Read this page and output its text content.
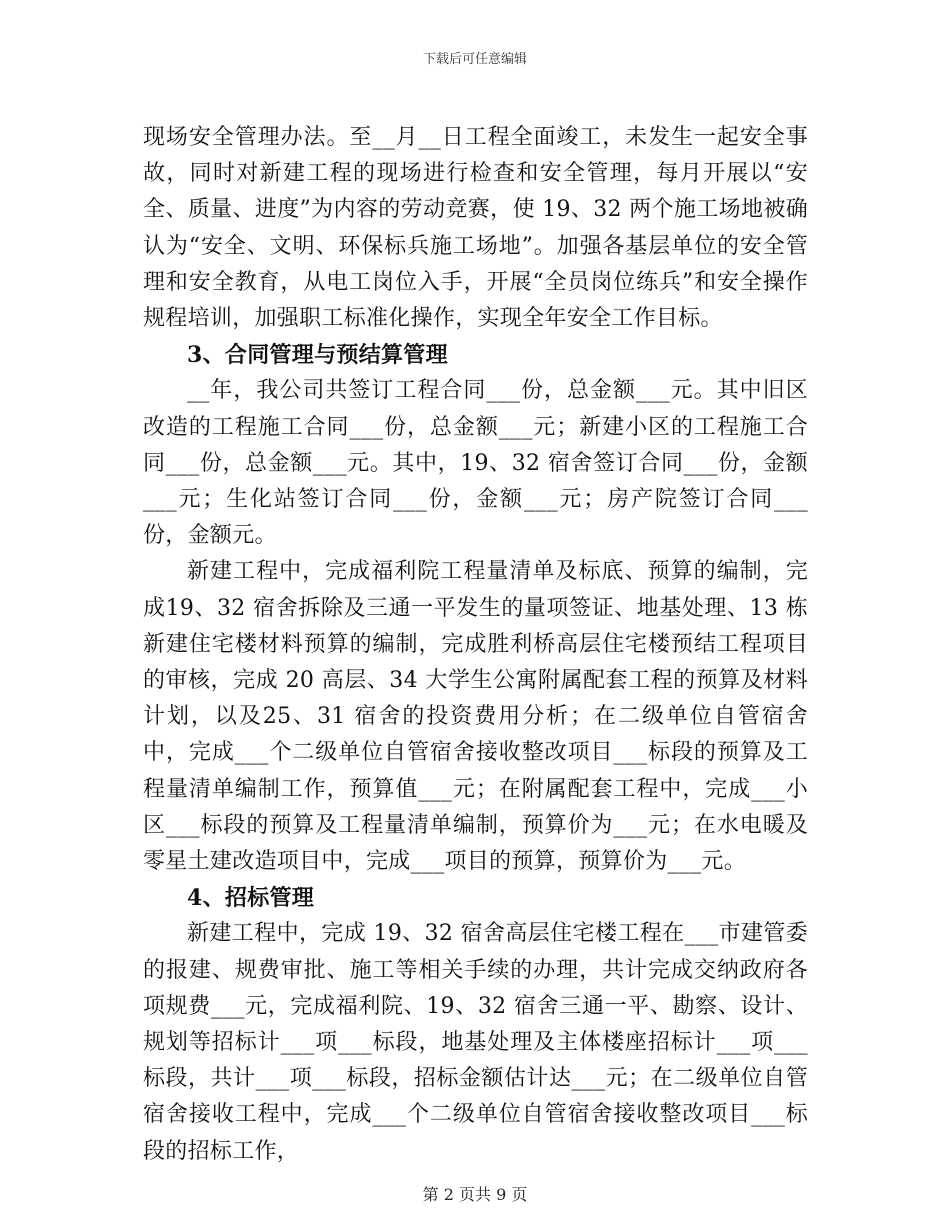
下载后可任意编辑

现场安全管理办法。至__月__日工程全面竣工，未发生一起安全事故，同时对新建工程的现场进行检查和安全管理，每月开展以“安全、质量、进度”为内容的劳动竞赛，使 19、32 两个施工场地被确认为“安全、文明、环保标兵施工场地”。加强各基层单位的安全管理和安全教育，从电工岗位入手，开展“全员岗位练兵”和安全操作规程培训，加强职工标准化操作，实现全年安全工作目标。

3、合同管理与预结算管理

__年，我公司共签订工程合同___份，总金额___元。其中旧区改造的工程施工合同___份，总金额___元；新建小区的工程施工合同___份，总金额___元。其中，19、32 宿舍签订合同___份，金额___元；生化站签订合同___份，金额___元；房产院签订合同___份，金额元。

新建工程中，完成福利院工程量清单及标底、预算的编制，完成19、32 宿舍拆除及三通一平发生的量项签证、地基处理、13 栋新建住宅楼材料预算的编制，完成胜利桥高层住宅楼预结工程项目的审核，完成 20 高层、34 大学生公寓附属配套工程的预算及材料计划，以及25、31 宿舍的投资费用分析；在二级单位自管宿舍中，完成___个二级单位自管宿舍接收整改项目___标段的预算及工程量清单编制工作，预算值___元；在附属配套工程中，完成___小区___标段的预算及工程量清单编制，预算价为___元；在水电暖及零星土建改造项目中，完成___项目的预算，预算价为___元。

4、招标管理

新建工程中，完成 19、32 宿舍高层住宅楼工程在___市建管委的报建、规费审批、施工等相关手续的办理，共计完成交纳政府各项规费___元，完成福利院、19、32 宿舍三通一平、勘察、设计、规划等招标计___项___标段，地基处理及主体楼座招标计___项___标段，共计___项___标段，招标金额估计达___元；在二级单位自管宿舍接收工程中，完成___个二级单位自管宿舍接收整改项目___标段的招标工作，

第 2 页共 9 页
